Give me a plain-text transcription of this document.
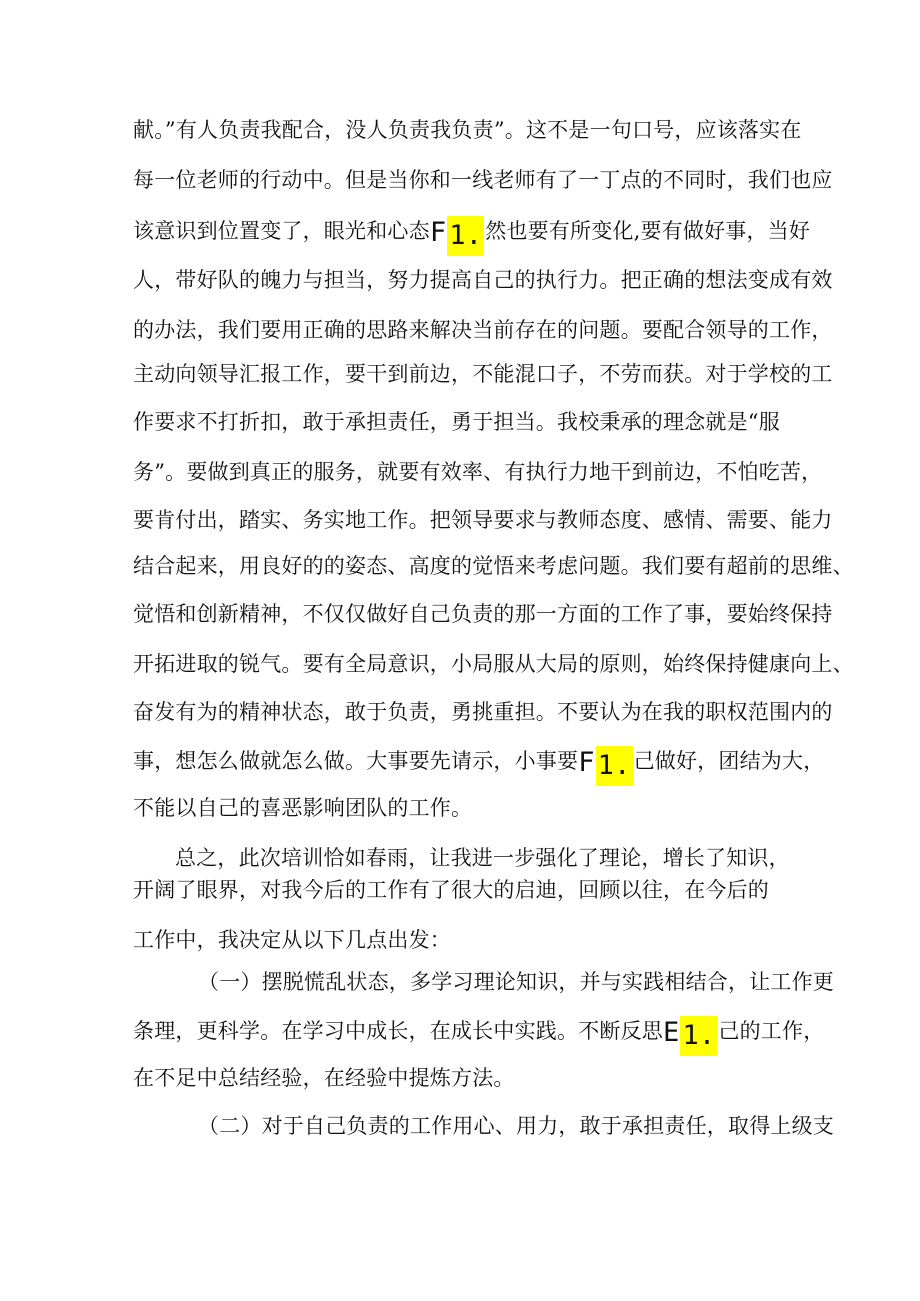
献。”有人负责我配合，没人负责我负责”。这不是一句口号，应该落实在
每一位老师的行动中。但是当你和一线老师有了一丁点的不同时，我们也应
该意识到位置变了，眼光和心态F 1. 然也要有所变化,要有做好事，当好
人，带好队的魄力与担当，努力提高自己的执行力。把正确的想法变成有效
的办法，我们要用正确的思路来解决当前存在的问题。要配合领导的工作，
主动向领导汇报工作，要干到前边，不能混口子，不劳而获。对于学校的工
作要求不打折扣，敢于承担责任，勇于担当。我校秉承的理念就是“服
务”。要做到真正的服务，就要有效率、有执行力地干到前边，不怕吃苦，
要肯付出，踏实、务实地工作。把领导要求与教师态度、感情、需要、能力
结合起来，用良好的的姿态、高度的觉悟来考虑问题。我们要有超前的思维、
觉悟和创新精神，不仅仅做好自己负责的那一方面的工作了事，要始终保持
开拓进取的锐气。要有全局意识，小局服从大局的原则，始终保持健康向上、
奋发有为的精神状态，敢于负责，勇挑重担。不要认为在我的职权范围内的
事，想怎么做就怎么做。大事要先请示，小事要F 1. 己做好，团结为大，
不能以自己的喜恶影响团队的工作。
总之，此次培训恰如春雨，让我进一步强化了理论，增长了知识，
开阔了眼界，对我今后的工作有了很大的启迪，回顾以往，在今后的
工作中，我决定从以下几点出发：
（一）摆脱慌乱状态，多学习理论知识，并与实践相结合，让工作更
条理，更科学。在学习中成长，在成长中实践。不断反思E 1. 己的工作，
在不足中总结经验，在经验中提炼方法。
（二）对于自己负责的工作用心、用力，敢于承担责任，取得上级支
